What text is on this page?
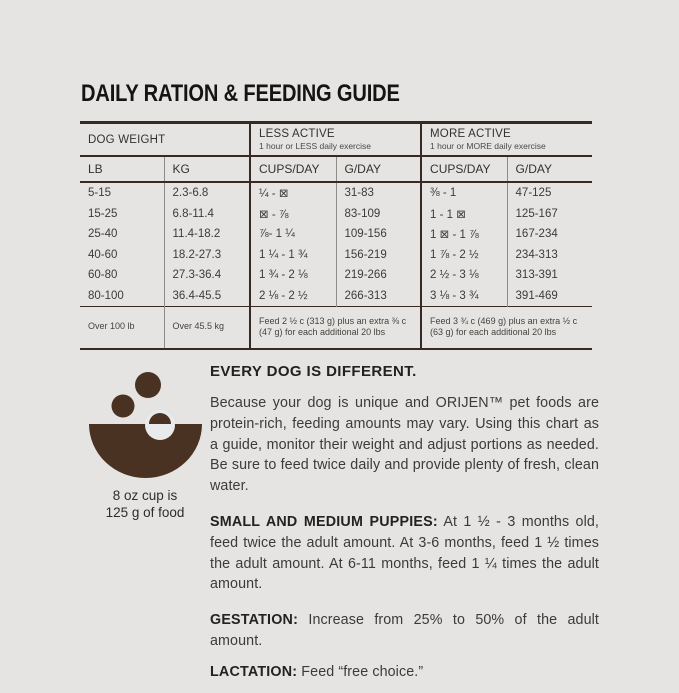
DAILY RATION & FEEDING GUIDE
DOG WEIGHT	LESS ACTIVE
1 hour or LESS daily exercise

MORE ACTIVE
1 hour or MORE daily exercise

LB	KG	CUPS/DAY	G/DAY	CUPS/DAY	G/DAY
5-15	2.3-6.8	¼ - ⊠	31-83	⅜ - 1	47-125
15-25	6.8-11.4	⊠ - ⅞	83-109	1 - 1 ⊠	125-167
25-40	11.4-18.2	⅞- 1 ¼	109-156	1 ⊠ - 1 ⅞	167-234
40-60	18.2-27.3	1 ¼ - 1 ¾	156-219	1 ⅞ - 2 ½	234-313
60-80	27.3-36.4	1 ¾ - 2 ⅛	219-266	2 ½ - 3 ⅛	313-391
80-100	36.4-45.5	2 ⅛ - 2 ½	266-313	3 ⅛ - 3 ¾	391-469
Over 100 lb	Over 45.5 kg	Feed 2 ½ c (313 g) plus an extra ⅜ c (47 g) for each additional 20 lbs		Feed 3 ¾ c (469 g) plus an extra ½ c (63 g) for each additional 20 lbs	
8 oz cup is
125 g of food
EVERY DOG IS DIFFERENT.

Because your dog is unique and ORIJEN™ pet foods are protein-rich, feeding amounts may vary. Using this chart as a guide, monitor their weight and adjust portions as needed. Be sure to feed twice daily and provide plenty of fresh, clean water.

SMALL AND MEDIUM PUPPIES: At 1 ½ - 3 months old, feed twice the adult amount. At 3-6 months, feed 1 ½ times the adult amount. At 6-11 months, feed 1 ¼ times the adult amount.

GESTATION: Increase from 25% to 50% of the adult amount.

LACTATION: Feed “free choice.”
